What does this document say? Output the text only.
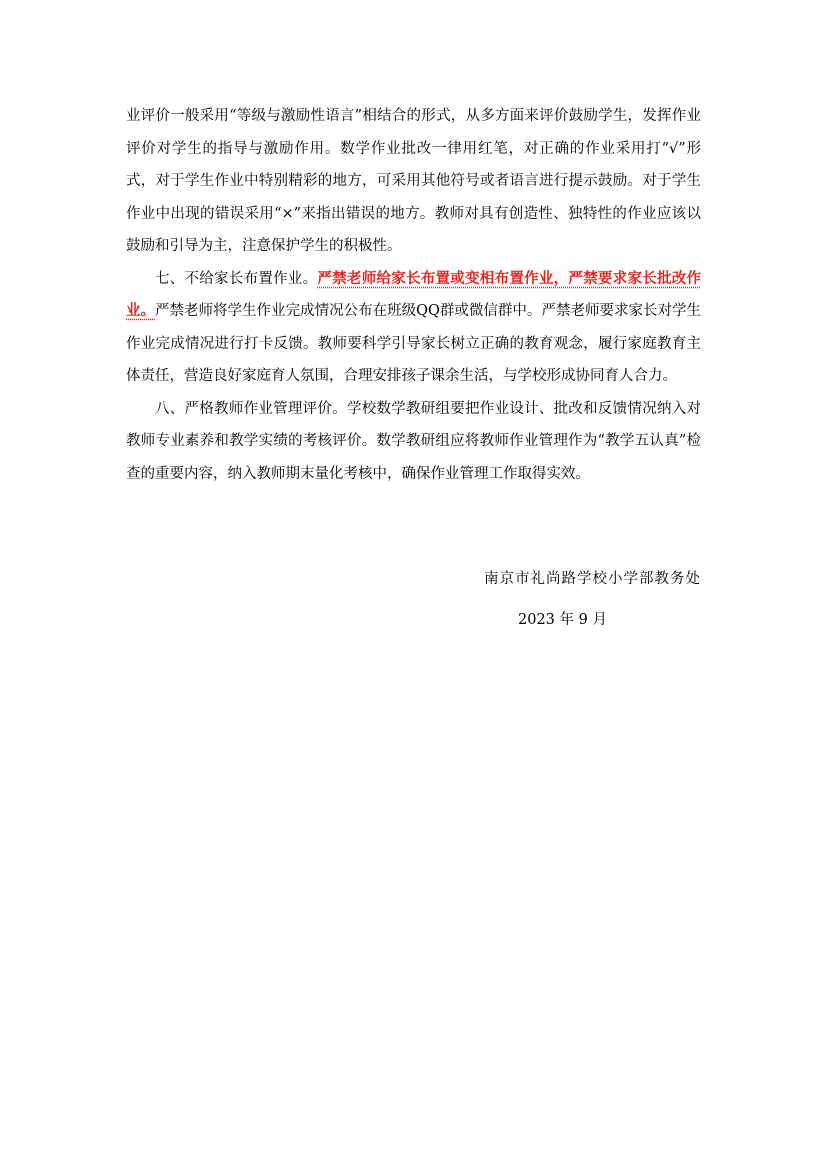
业评价一般采用“等级与激励性语言”相结合的形式，从多方面来评价鼓励学生，发挥作业评价对学生的指导与激励作用。数学作业批改一律用红笔，对正确的作业采用打“√”形式，对于学生作业中特别精彩的地方，可采用其他符号或者语言进行提示鼓励。对于学生作业中出现的错误采用“×”来指出错误的地方。教师对具有创造性、独特性的作业应该以鼓励和引导为主，注意保护学生的积极性。

七、不给家长布置作业。严禁老师给家长布置或变相布置作业，严禁要求家长批改作业。严禁老师将学生作业完成情况公布在班级QQ群或微信群中。严禁老师要求家长对学生作业完成情况进行打卡反馈。教师要科学引导家长树立正确的教育观念，履行家庭教育主体责任，营造良好家庭育人氛围，合理安排孩子课余生活，与学校形成协同育人合力。

八、严格教师作业管理评价。学校数学教研组要把作业设计、批改和反馈情况纳入对教师专业素养和教学实绩的考核评价。数学教研组应将教师作业管理作为“教学五认真”检查的重要内容，纳入教师期末量化考核中，确保作业管理工作取得实效。

南京市礼尚路学校小学部教务处
2023 年 9 月
